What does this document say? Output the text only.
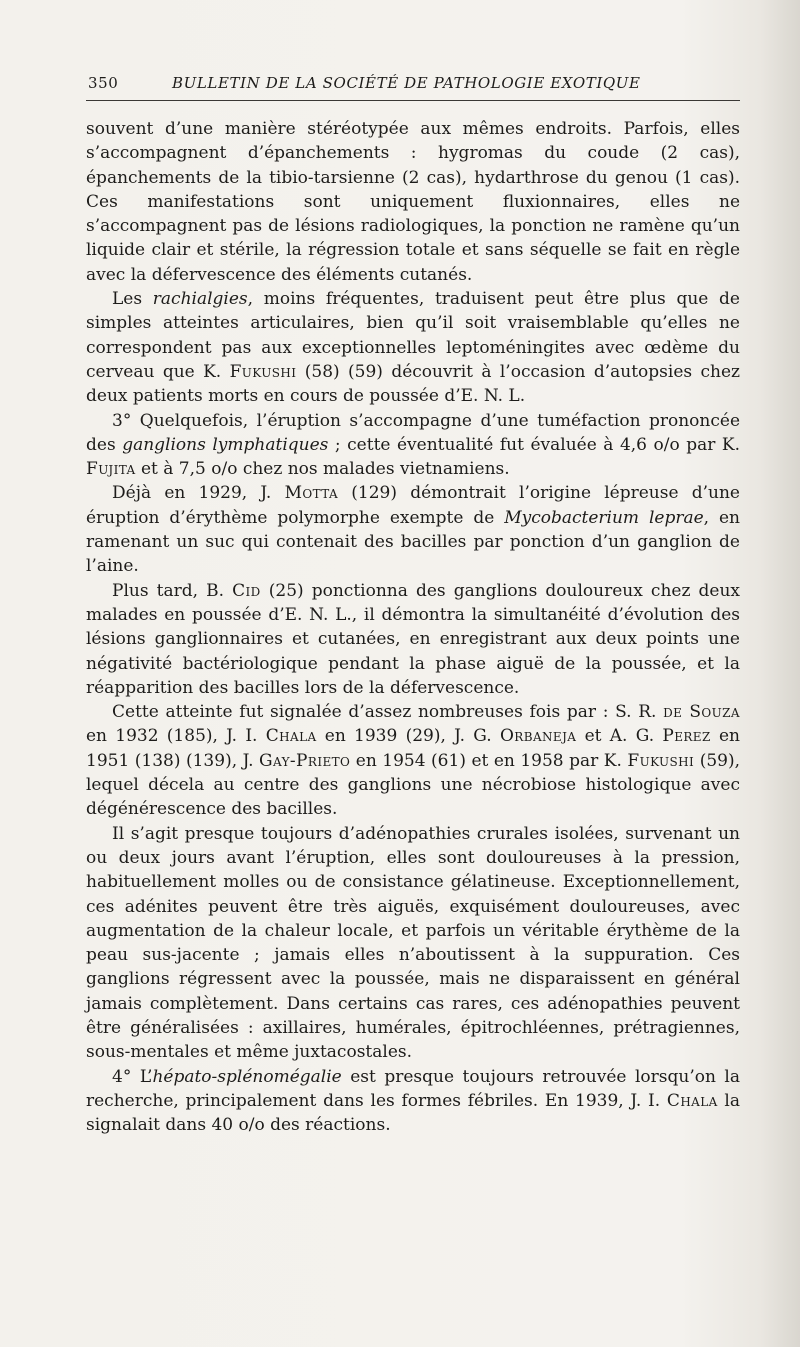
350	BULLETIN DE LA SOCIÉTÉ DE PATHOLOGIE EXOTIQUE

souvent d’une manière stéréotypée aux mêmes endroits. Parfois, elles s’accompagnent d’épanchements : hygromas du coude (2 cas), épanchements de la tibio-tarsienne (2 cas), hydarthrose du genou (1 cas). Ces manifestations sont uniquement fluxionnaires, elles ne s’accompagnent pas de lésions radiologiques, la ponction ne ramène qu’un liquide clair et stérile, la régression totale et sans séquelle se fait en règle avec la défervescence des éléments cutanés.

Les rachialgies, moins fréquentes, traduisent peut être plus que de simples atteintes articulaires, bien qu’il soit vraisemblable qu’elles ne correspondent pas aux exceptionnelles leptoméningites avec œdème du cerveau que K. Fukushi (58) (59) découvrit à l’occasion d’autopsies chez deux patients morts en cours de poussée d’E. N. L.

3° Quelquefois, l’éruption s’accompagne d’une tuméfaction prononcée des ganglions lymphatiques ; cette éventualité fut évaluée à 4,6 o/o par K. Fujita et à 7,5 o/o chez nos malades vietnamiens.

Déjà en 1929, J. Motta (129) démontrait l’origine lépreuse d’une éruption d’érythème polymorphe exempte de Mycobacterium leprae, en ramenant un suc qui contenait des bacilles par ponction d’un ganglion de l’aine.

Plus tard, B. Cid (25) ponctionna des ganglions douloureux chez deux malades en poussée d’E. N. L., il démontra la simultanéité d’évolution des lésions ganglionnaires et cutanées, en enregistrant aux deux points une négativité bactériologique pendant la phase aiguë de la poussée, et la réapparition des bacilles lors de la défervescence.

Cette atteinte fut signalée d’assez nombreuses fois par : S. R. de Souza en 1932 (185), J. I. Chala en 1939 (29), J. G. Orbaneja et A. G. Perez en 1951 (138) (139), J. Gay-Prieto en 1954 (61) et en 1958 par K. Fukushi (59), lequel décela au centre des ganglions une nécrobiose histologique avec dégénérescence des bacilles.

Il s’agit presque toujours d’adénopathies crurales isolées, survenant un ou deux jours avant l’éruption, elles sont douloureuses à la pression, habituellement molles ou de consistance gélatineuse. Exceptionnellement, ces adénites peuvent être très aiguës, exquisément douloureuses, avec augmentation de la chaleur locale, et parfois un véritable érythème de la peau sus-jacente ; jamais elles n’aboutissent à la suppuration. Ces ganglions régressent avec la poussée, mais ne disparaissent en général jamais complètement. Dans certains cas rares, ces adénopathies peuvent être généralisées : axillaires, humérales, épitrochléennes, prétragiennes, sous-mentales et même juxtacostales.

4° L’hépato-splénomégalie est presque toujours retrouvée lorsqu’on la recherche, principalement dans les formes fébriles. En 1939, J. I. Chala la signalait dans 40 o/o des réactions.
